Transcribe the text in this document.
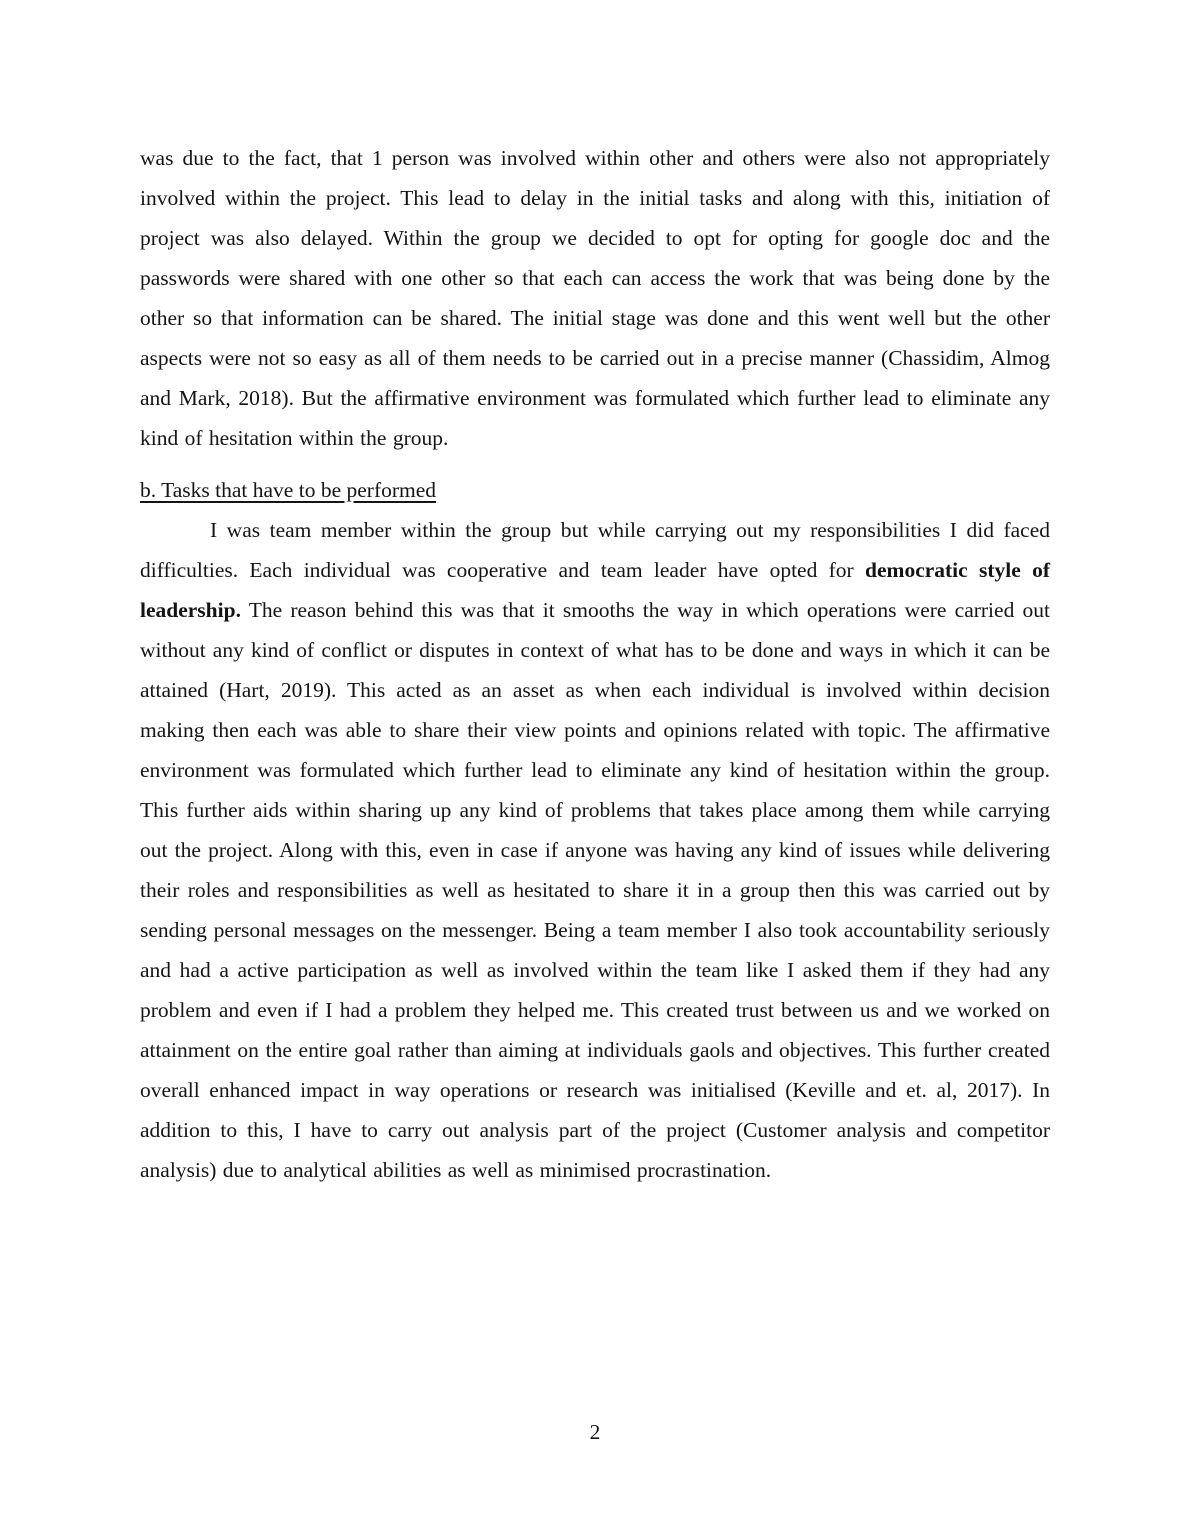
was due to the fact, that 1 person was involved within other and others were also not appropriately involved within the project. This lead to delay in the initial tasks and along with this, initiation of project was also delayed. Within the group we decided to opt for opting for google doc and the passwords were shared with one other so that each can access the work that was being done by the other so that information can be shared. The initial stage was done and this went well but the other aspects were not so easy as all of them needs to be carried out in a precise manner (Chassidim, Almog and Mark, 2018). But the affirmative environment was formulated which further lead to eliminate any kind of hesitation within the group.

b. Tasks that have to be performed

I was team member within the group but while carrying out my responsibilities I did faced difficulties. Each individual was cooperative and team leader have opted for democratic style of leadership. The reason behind this was that it smooths the way in which operations were carried out without any kind of conflict or disputes in context of what has to be done and ways in which it can be attained (Hart, 2019). This acted as an asset as when each individual is involved within decision making then each was able to share their view points and opinions related with topic. The affirmative environment was formulated which further lead to eliminate any kind of hesitation within the group. This further aids within sharing up any kind of problems that takes place among them while carrying out the project. Along with this, even in case if anyone was having any kind of issues while delivering their roles and responsibilities as well as hesitated to share it in a group then this was carried out by sending personal messages on the messenger. Being a team member I also took accountability seriously and had a active participation as well as involved within the team like I asked them if they had any problem and even if I had a problem they helped me. This created trust between us and we worked on attainment on the entire goal rather than aiming at individuals gaols and objectives. This further created overall enhanced impact in way operations or research was initialised (Keville and et. al, 2017). In addition to this, I have to carry out analysis part of the project (Customer analysis and competitor analysis) due to analytical abilities as well as minimised procrastination.

2
